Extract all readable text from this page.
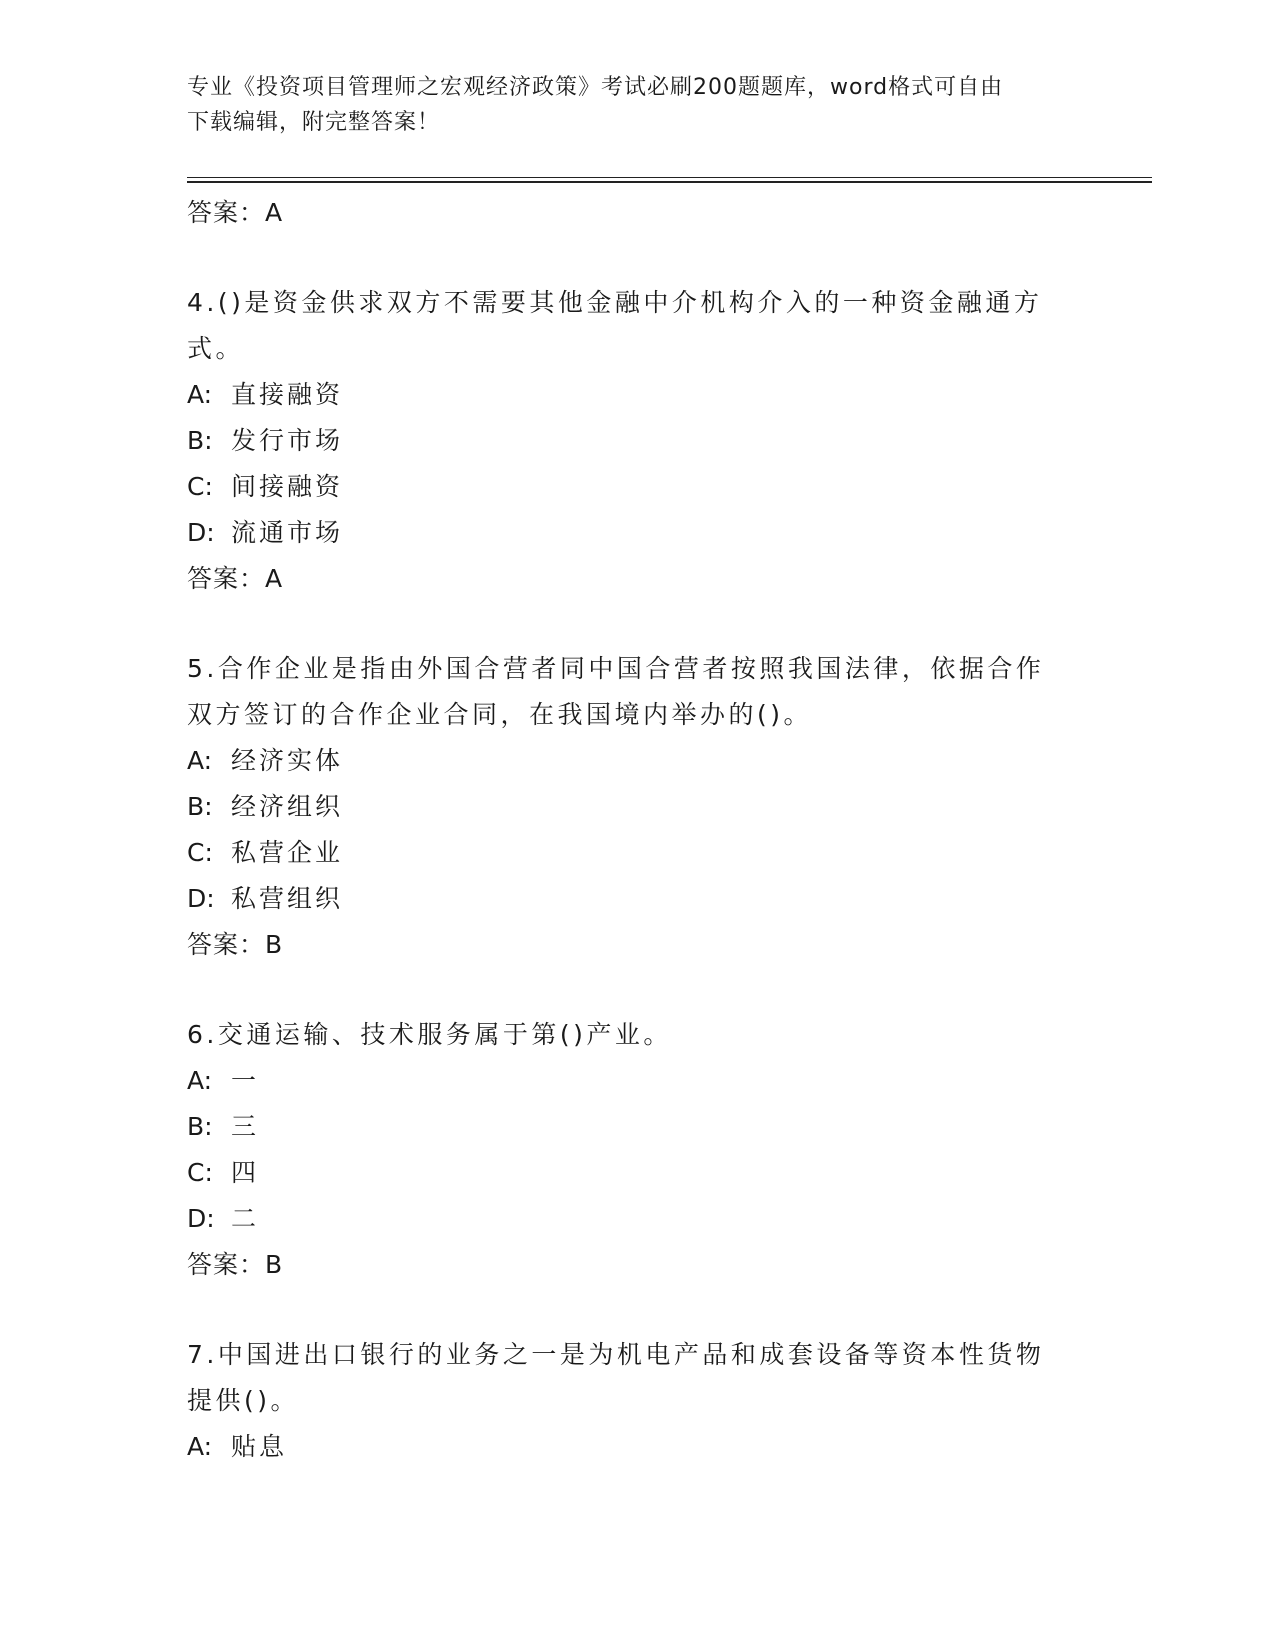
专业《投资项目管理师之宏观经济政策》考试必刷200题题库，word格式可自由
下载编辑，附完整答案！
答案：A
4.()是资金供求双方不需要其他金融中介机构介入的一种资金融通方式。
A: 直接融资
B: 发行市场
C: 间接融资
D: 流通市场
答案：A
5.合作企业是指由外国合营者同中国合营者按照我国法律，依据合作双方签订的合作企业合同，在我国境内举办的()。
A: 经济实体
B: 经济组织
C: 私营企业
D: 私营组织
答案：B
6.交通运输、技术服务属于第()产业。
A: 一
B: 三
C: 四
D: 二
答案：B
7.中国进出口银行的业务之一是为机电产品和成套设备等资本性货物提供()。
A: 贴息
